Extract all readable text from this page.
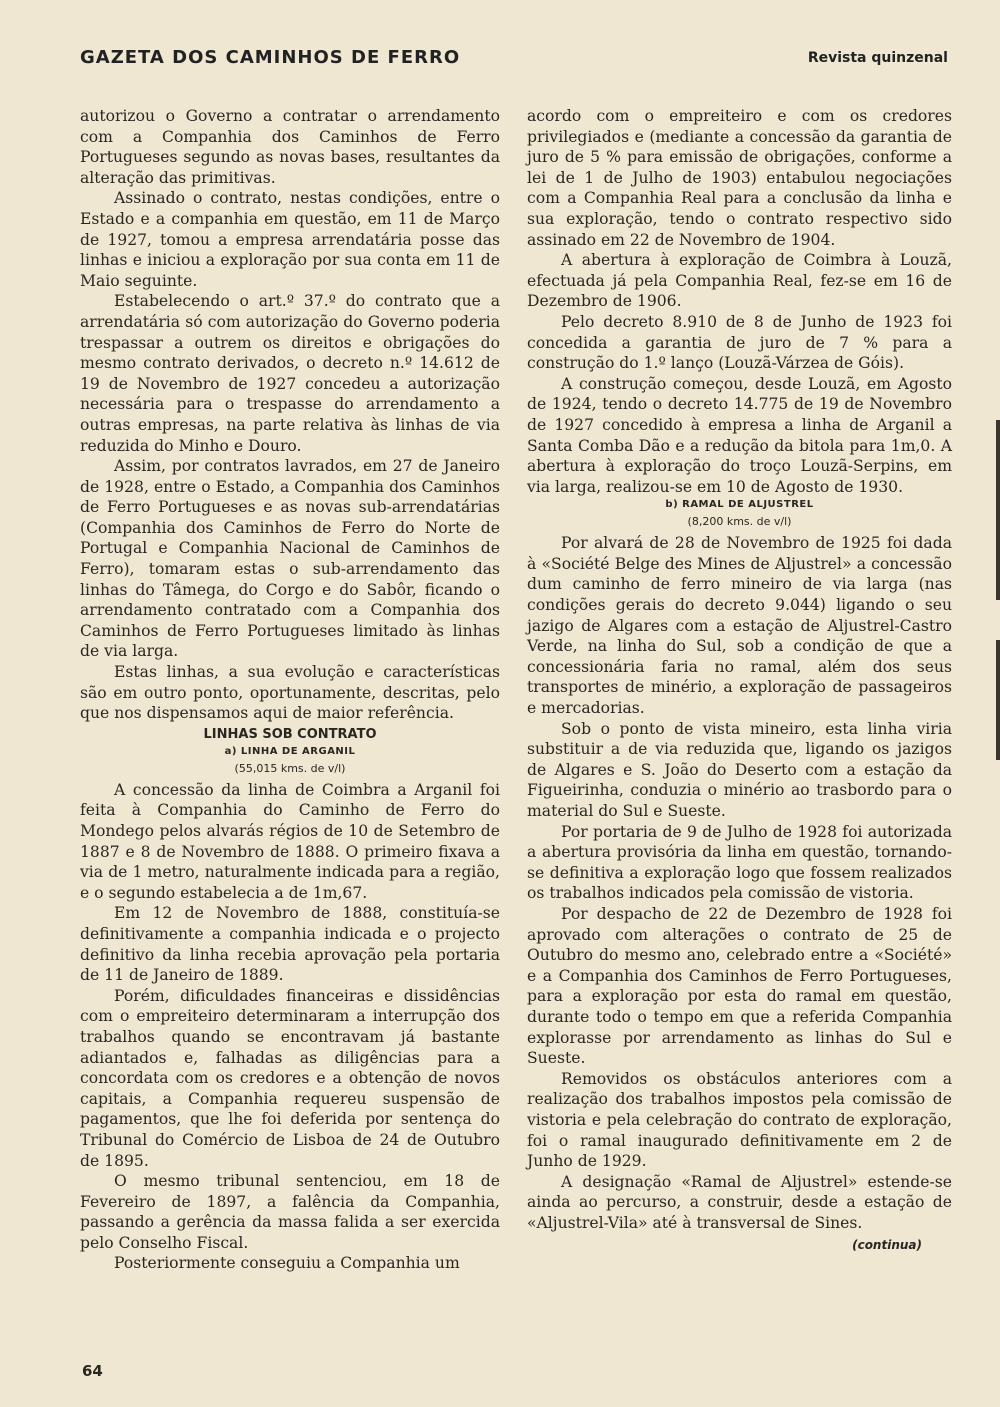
GAZETA DOS CAMINHOS DE FERRO	Revista quinzenal

autorizou o Governo a contratar o arrendamento com a Companhia dos Caminhos de Ferro Portugueses segundo as novas bases, resultantes da alteração das primitivas.

Assinado o contrato, nestas condições, entre o Estado e a companhia em questão, em 11 de Março de 1927, tomou a empresa arrendatária posse das linhas e iniciou a exploração por sua conta em 11 de Maio seguinte.

Estabelecendo o art.º 37.º do contrato que a arrendatária só com autorização do Governo poderia trespassar a outrem os direitos e obrigações do mesmo contrato derivados, o decreto n.º 14.612 de 19 de Novembro de 1927 concedeu a autorização necessária para o trespasse do arrendamento a outras empresas, na parte relativa às linhas de via reduzida do Minho e Douro.

Assim, por contratos lavrados, em 27 de Janeiro de 1928, entre o Estado, a Companhia dos Caminhos de Ferro Portugueses e as novas sub-arrendatárias (Companhia dos Caminhos de Ferro do Norte de Portugal e Companhia Nacional de Caminhos de Ferro), tomaram estas o sub-arrendamento das linhas do Tâmega, do Corgo e do Sabôr, ficando o arrendamento contratado com a Companhia dos Caminhos de Ferro Portugueses limitado às linhas de via larga.

Estas linhas, a sua evolução e características são em outro ponto, oportunamente, descritas, pelo que nos dispensamos aqui de maior referência.

LINHAS SOB CONTRATO
a) LINHA DE ARGANIL
(55,015 kms. de v/l)

A concessão da linha de Coimbra a Arganil foi feita à Companhia do Caminho de Ferro do Mondego pelos alvarás régios de 10 de Setembro de 1887 e 8 de Novembro de 1888. O primeiro fixava a via de 1 metro, naturalmente indicada para a região, e o segundo estabelecia a de 1m,67.

Em 12 de Novembro de 1888, constituía-se definitivamente a companhia indicada e o projecto definitivo da linha recebia aprovação pela portaria de 11 de Janeiro de 1889.

Porém, dificuldades financeiras e dissidências com o empreiteiro determinaram a interrupção dos trabalhos quando se encontravam já bastante adiantados e, falhadas as diligências para a concordata com os credores e a obtenção de novos capitais, a Companhia requereu suspensão de pagamentos, que lhe foi deferida por sentença do Tribunal do Comércio de Lisboa de 24 de Outubro de 1895.

O mesmo tribunal sentenciou, em 18 de Fevereiro de 1897, a falência da Companhia, passando a gerência da massa falida a ser exercida pelo Conselho Fiscal.

Posteriormente conseguiu a Companhia um

acordo com o empreiteiro e com os credores privilegiados e (mediante a concessão da garantia de juro de 5 % para emissão de obrigações, conforme a lei de 1 de Julho de 1903) entabulou negociações com a Companhia Real para a conclusão da linha e sua exploração, tendo o contrato respectivo sido assinado em 22 de Novembro de 1904.

A abertura à exploração de Coimbra à Louzã, efectuada já pela Companhia Real, fez-se em 16 de Dezembro de 1906.

Pelo decreto 8.910 de 8 de Junho de 1923 foi concedida a garantia de juro de 7 % para a construção do 1.º lanço (Louzã-Várzea de Góis).

A construção começou, desde Louzã, em Agosto de 1924, tendo o decreto 14.775 de 19 de Novembro de 1927 concedido à empresa a linha de Arganil a Santa Comba Dão e a redução da bitola para 1m,0. A abertura à exploração do troço Louzã-Serpins, em via larga, realizou-se em 10 de Agosto de 1930.

b) RAMAL DE ALJUSTREL
(8,200 kms. de v/l)

Por alvará de 28 de Novembro de 1925 foi dada à «Société Belge des Mines de Aljustrel» a concessão dum caminho de ferro mineiro de via larga (nas condições gerais do decreto 9.044) ligando o seu jazigo de Algares com a estação de Aljustrel-Castro Verde, na linha do Sul, sob a condição de que a concessionária faria no ramal, além dos seus transportes de minério, a exploração de passageiros e mercadorias.

Sob o ponto de vista mineiro, esta linha viria substituir a de via reduzida que, ligando os jazigos de Algares e S. João do Deserto com a estação da Figueirinha, conduzia o minério ao trasbordo para o material do Sul e Sueste.

Por portaria de 9 de Julho de 1928 foi autorizada a abertura provisória da linha em questão, tornando-se definitiva a exploração logo que fossem realizados os trabalhos indicados pela comissão de vistoria.

Por despacho de 22 de Dezembro de 1928 foi aprovado com alterações o contrato de 25 de Outubro do mesmo ano, celebrado entre a «Société» e a Companhia dos Caminhos de Ferro Portugueses, para a exploração por esta do ramal em questão, durante todo o tempo em que a referida Companhia explorasse por arrendamento as linhas do Sul e Sueste.

Removidos os obstáculos anteriores com a realização dos trabalhos impostos pela comissão de vistoria e pela celebração do contrato de exploração, foi o ramal inaugurado definitivamente em 2 de Junho de 1929.

A designação «Ramal de Aljustrel» estende-se ainda ao percurso, a construir, desde a estação de «Aljustrel-Vila» até à transversal de Sines.

(continua)
64
